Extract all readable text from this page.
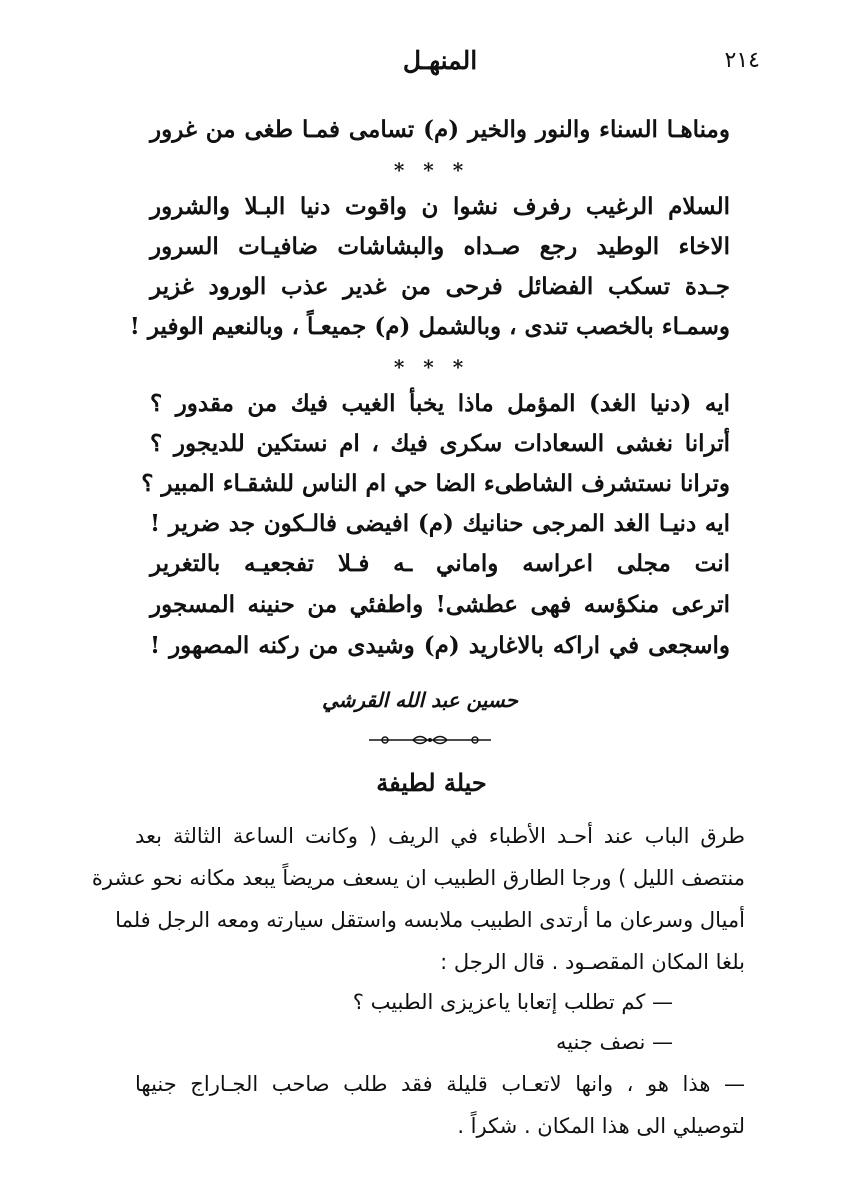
٢١٤
المنهـل
ومناهـا السناء والنور والخير (م) تسامى فمـا طغى من غرور
* * *
السلام الرغيب رفرف نشوا ن واقوت دنيا البـلا والشرور
الاخاء الوطيد رجع صـداه والبشاشات ضافيـات السرور
جـدة تسكب الفضائل فرحى من غدير عذب الورود غزير
وسمـاء بالخصب تندى ، وبالشمل (م) جميعـاً ، وبالنعيم الوفير !
* * *
ايه (دنيا الغد) المؤمل ماذا يخبأ الغيب فيك من مقدور ؟
أترانا نغشى السعادات سكرى فيك ، ام نستكين للديجور ؟
وترانا نستشرف الشاطىء الضا حي ام الناس للشقـاء المبير ؟
ايه دنيـا الغد المرجى حنانيك (م) افيضى فالـكون جد ضرير !
انت مجلى اعراسه واماني ـه فـلا تفجعيـه بالتغرير
اترعى منكؤسه فهى عطشى! واطفئي من حنينه المسجور
واسجعى في اراكه بالاغاريد (م) وشيدى من ركنه المصهور !
حسين عبد الله القرشي
حيلة لطيفة
طرق الباب عند أحـد الأطباء في الريف ( وكانت الساعة الثالثة بعد
منتصف الليل ) ورجا الطارق الطبيب ان يسعف مريضاً يبعد مكانه نحو عشرة
أميال وسرعان ما أرتدى الطبيب ملابسه واستقل سيارته ومعه الرجل فلما
بلغا المكان المقصـود . قال الرجل :
— كم تطلب إتعابا ياعزيزى الطبيب ؟
— نصف جنيه
— هذا هو ، وانها لاتعـاب قليلة فقد طلب صاحب الجـاراج جنيها
لتوصيلي الى هذا المكان . شكراً .
